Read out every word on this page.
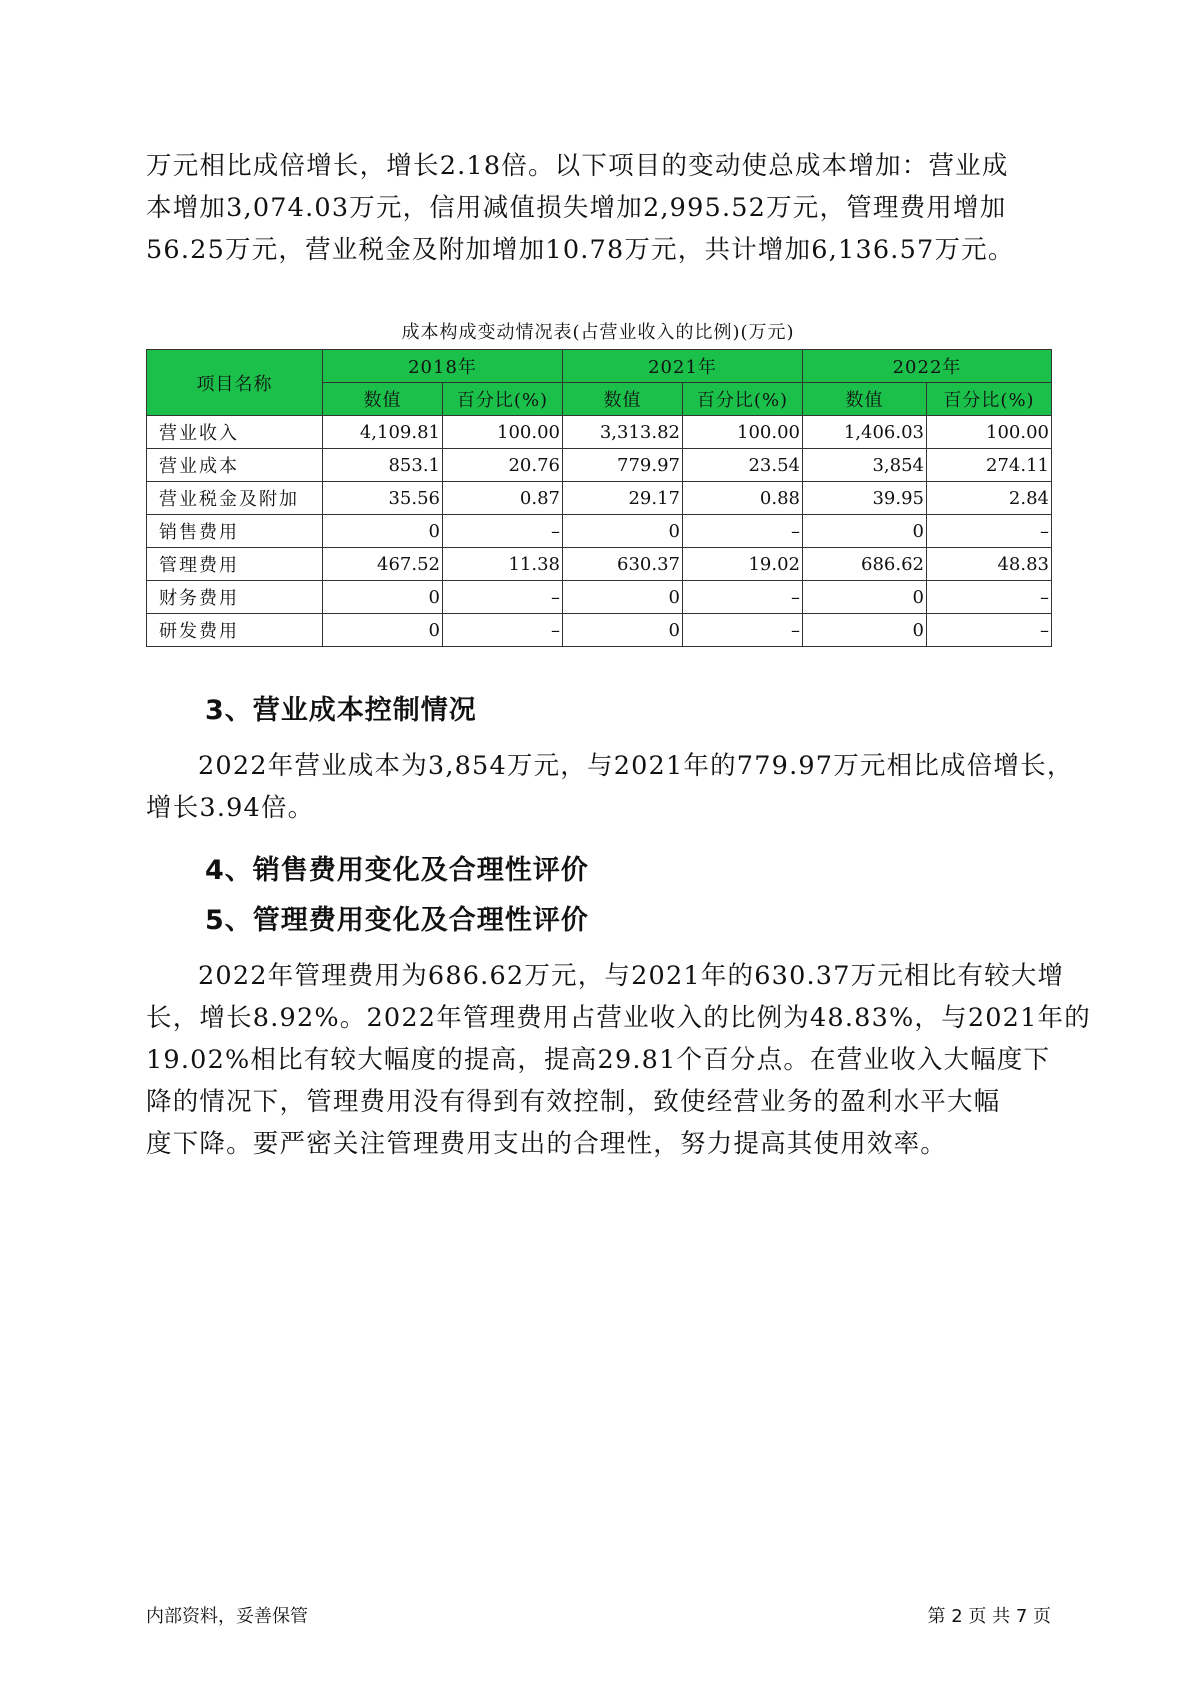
万元相比成倍增长，增长2.18倍。以下项目的变动使总成本增加：营业成
本增加3,074.03万元，信用减值损失增加2,995.52万元，管理费用增加
56.25万元，营业税金及附加增加10.78万元，共计增加6,136.57万元。
成本构成变动情况表(占营业收入的比例)(万元)
项目名称	2018年		2021年		2022年	
	数值	百分比(%)	数值	百分比(%)	数值	百分比(%)
营业收入	4,109.81	100.00	3,313.82	100.00	1,406.03	100.00
营业成本	853.1	20.76	779.97	23.54	3,854	274.11
营业税金及附加	35.56	0.87	29.17	0.88	39.95	2.84
销售费用	0	–	0	–	0	–
管理费用	467.52	11.38	630.37	19.02	686.62	48.83
财务费用	0	–	0	–	0	–
研发费用	0	–	0	–	0	–
3、营业成本控制情况
2022年营业成本为3,854万元，与2021年的779.97万元相比成倍增长，
增长3.94倍。
4、销售费用变化及合理性评价
5、管理费用变化及合理性评价
2022年管理费用为686.62万元，与2021年的630.37万元相比有较大增
长，增长8.92%。2022年管理费用占营业收入的比例为48.83%，与2021年的
19.02%相比有较大幅度的提高，提高29.81个百分点。在营业收入大幅度下
降的情况下，管理费用没有得到有效控制，致使经营业务的盈利水平大幅
度下降。要严密关注管理费用支出的合理性，努力提高其使用效率。
内部资料，妥善保管	第 2 页 共 7 页
